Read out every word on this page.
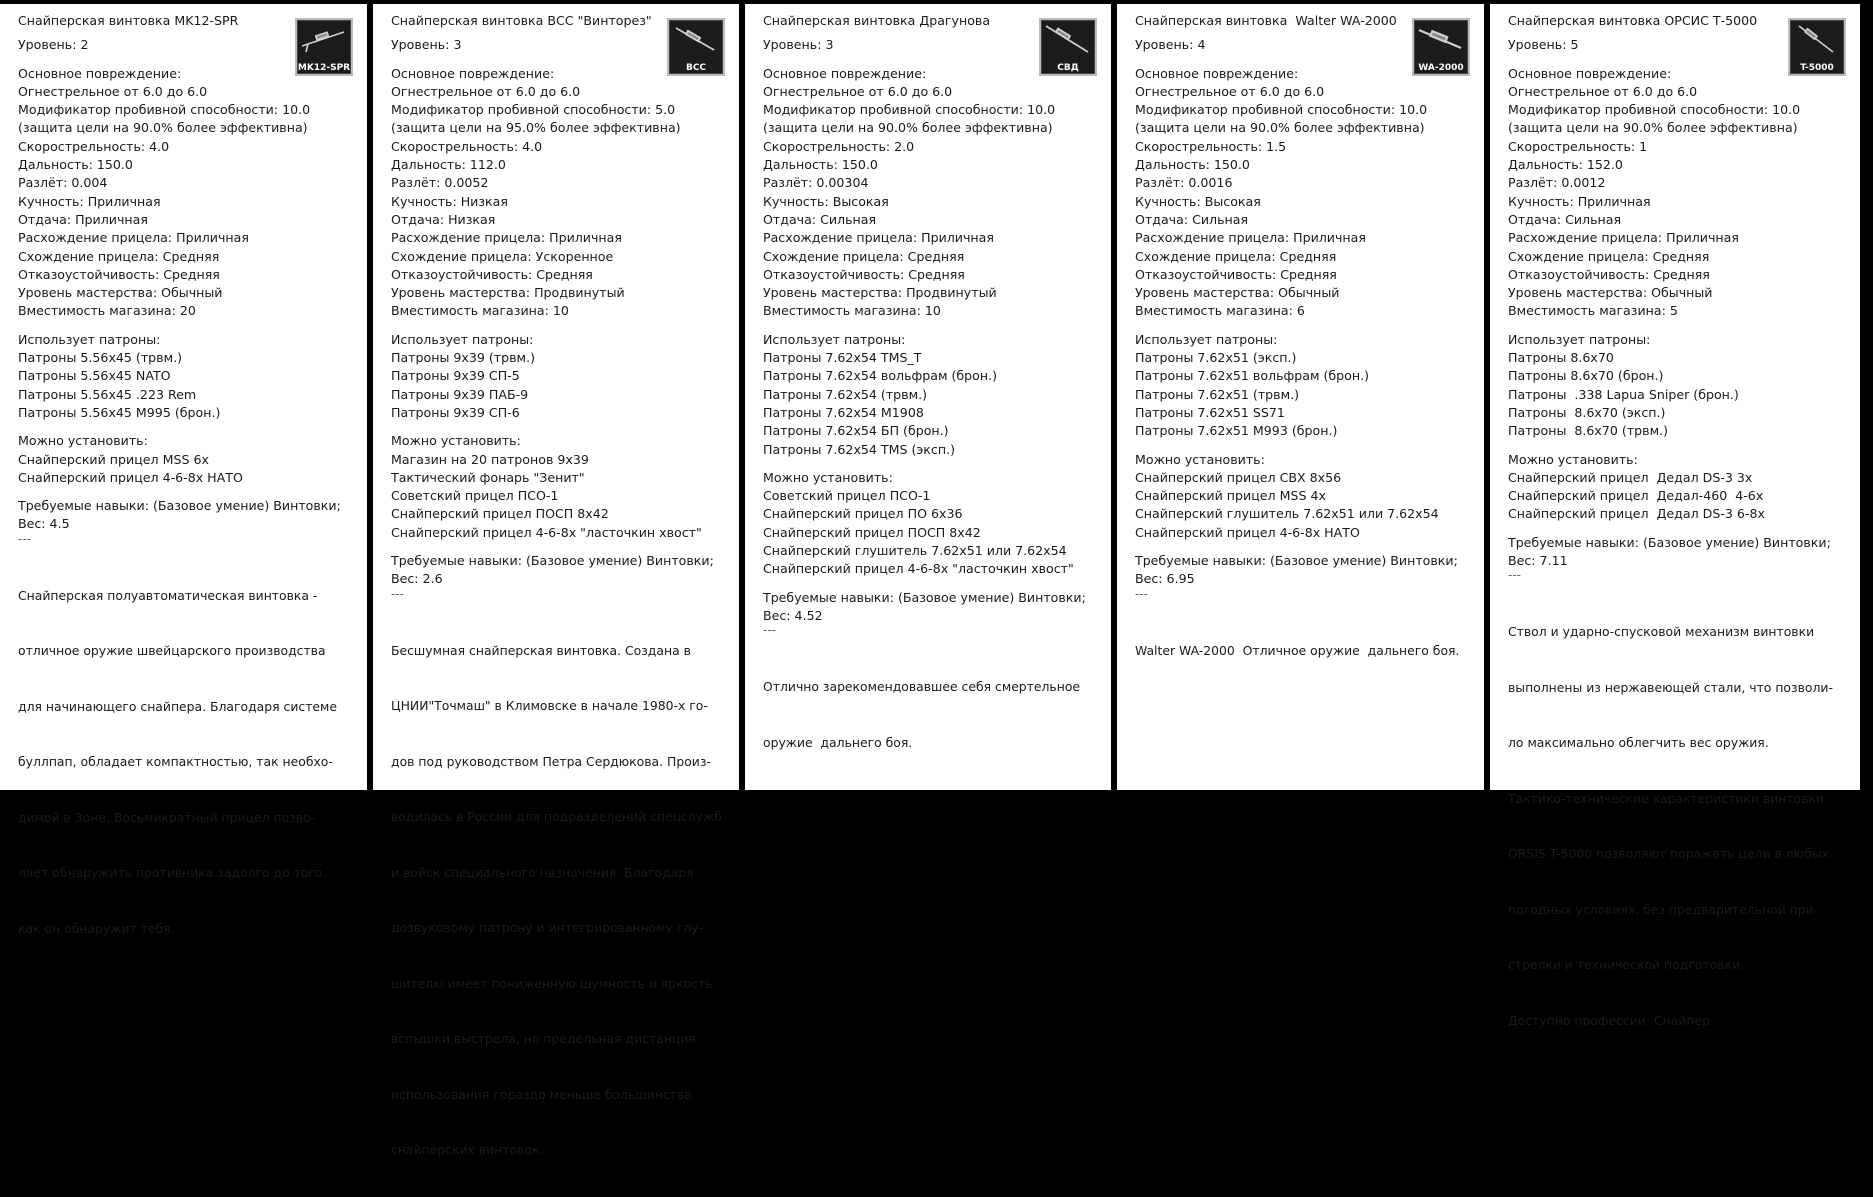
MK12-SPR
Снайперская винтовка MK12-SPR
Уровень: 2
Основное повреждение:
Огнестрельное от 6.0 до 6.0
Модификатор пробивной способности: 10.0
(защита цели на 90.0% более эффективна)
Скорострельность: 4.0
Дальность: 150.0
Разлёт: 0.004
Кучность: Приличная
Отдача: Приличная
Расхождение прицела: Приличная
Схождение прицела: Средняя
Отказоустойчивость: Средняя
Уровень мастерства: Обычный
Вместимость магазина: 20
Использует патроны:
Патроны 5.56x45 (трвм.)
Патроны 5.56x45 NATO
Патроны 5.56x45 .223 Rem
Патроны 5.56x45 M995 (брон.)
Можно установить:
Снайперский прицел MSS 6x
Снайперский прицел 4-6-8x НАТО
Требуемые навыки: (Базовое умение) Винтовки;
Вес: 4.5
---

Снайперская полуавтоматическая винтовка -

отличное оружие швейцарского производства

для начинающего снайпера. Благодаря системе

буллпап, обладает компактностью, так необхо-

димой в Зоне. Восьмикратный прицел позво-

ляет обнаружить противника задолго до того,

как он обнаружит тебя.

ВСС
Снайперская винтовка ВСС "Винторез"
Уровень: 3
Основное повреждение:
Огнестрельное от 6.0 до 6.0
Модификатор пробивной способности: 5.0
(защита цели на 95.0% более эффективна)
Скорострельность: 4.0
Дальность: 112.0
Разлёт: 0.0052
Кучность: Низкая
Отдача: Низкая
Расхождение прицела: Приличная
Схождение прицела: Ускоренное
Отказоустойчивость: Средняя
Уровень мастерства: Продвинутый
Вместимость магазина: 10
Использует патроны:
Патроны 9x39 (трвм.)
Патроны 9x39 СП-5
Патроны 9x39 ПАБ-9
Патроны 9x39 СП-6
Можно установить:
Магазин на 20 патронов 9x39
Тактический фонарь "Зенит"
Советский прицел ПСО-1
Снайперский прицел ПОСП 8x42
Снайперский прицел 4-6-8x "ласточкин хвост"
Требуемые навыки: (Базовое умение) Винтовки;
Вес: 2.6
---

Бесшумная снайперская винтовка. Создана в

ЦНИИ"Точмаш" в Климовске в начале 1980-х го-

дов под руководством Петра Сердюкова. Произ-

водилась в России для подразделений спецслужб

и войск специального назначения. Благодаря

дозвуковому патрону и интегрированному глу-

шителю имеет пониженную шумность и яркость

вспышки выстрела, но предельная дистанция

использования гораздо меньше большинства

снайперских винтовок.

СВД
Снайперская винтовка Драгунова
Уровень: 3
Основное повреждение:
Огнестрельное от 6.0 до 6.0
Модификатор пробивной способности: 10.0
(защита цели на 90.0% более эффективна)
Скорострельность: 2.0
Дальность: 150.0
Разлёт: 0.00304
Кучность: Высокая
Отдача: Сильная
Расхождение прицела: Приличная
Схождение прицела: Средняя
Отказоустойчивость: Средняя
Уровень мастерства: Продвинутый
Вместимость магазина: 10
Использует патроны:
Патроны 7.62x54 TMS_T
Патроны 7.62x54 вольфрам (брон.)
Патроны 7.62x54 (трвм.)
Патроны 7.62x54 M1908
Патроны 7.62x54 БП (брон.)
Патроны 7.62x54 TMS (эксп.)
Можно установить:
Советский прицел ПСО-1
Снайперский прицел ПО 6x36
Снайперский прицел ПОСП 8x42
Снайперский глушитель 7.62x51 или 7.62x54
Снайперский прицел 4-6-8x "ласточкин хвост"
Требуемые навыки: (Базовое умение) Винтовки;
Вес: 4.52
---

Отлично зарекомендовавшее себя смертельное

оружие  дальнего боя.

WA-2000
Снайперская винтовка  Walter WA-2000
Уровень: 4
Основное повреждение:
Огнестрельное от 6.0 до 6.0
Модификатор пробивной способности: 10.0
(защита цели на 90.0% более эффективна)
Скорострельность: 1.5
Дальность: 150.0
Разлёт: 0.0016
Кучность: Высокая
Отдача: Сильная
Расхождение прицела: Приличная
Схождение прицела: Средняя
Отказоустойчивость: Средняя
Уровень мастерства: Обычный
Вместимость магазина: 6
Использует патроны:
Патроны 7.62x51 (эксп.)
Патроны 7.62x51 вольфрам (брон.)
Патроны 7.62x51 (трвм.)
Патроны 7.62x51 SS71
Патроны 7.62x51 M993 (брон.)
Можно установить:
Снайперский прицел CBX 8x56
Снайперский прицел MSS 4x
Снайперский глушитель 7.62x51 или 7.62x54
Снайперский прицел 4-6-8x НАТО
Требуемые навыки: (Базовое умение) Винтовки;
Вес: 6.95
---

Walter WA-2000  Отличное оружие  дальнего боя.

T-5000
Снайперская винтовка ОРСИС Т-5000
Уровень: 5
Основное повреждение:
Огнестрельное от 6.0 до 6.0
Модификатор пробивной способности: 10.0
(защита цели на 90.0% более эффективна)
Скорострельность: 1
Дальность: 152.0
Разлёт: 0.0012
Кучность: Приличная
Отдача: Сильная
Расхождение прицела: Приличная
Схождение прицела: Средняя
Отказоустойчивость: Средняя
Уровень мастерства: Обычный
Вместимость магазина: 5
Использует патроны:
Патроны 8.6x70
Патроны 8.6x70 (брон.)
Патроны  .338 Lapua Sniper (брон.)
Патроны  8.6x70 (эксп.)
Патроны  8.6x70 (трвм.)
Можно установить:
Снайперский прицел  Дедал DS-3 3x
Снайперский прицел  Дедал-460  4-6x
Снайперский прицел  Дедал DS-3 6-8x
Требуемые навыки: (Базовое умение) Винтовки;
Вес: 7.11
---

Ствол и ударно-спусковой механизм винтовки

выполнены из нержавеющей стали, что позволи-

ло максимально облегчить вес оружия.

Тактико-технические характеристики винтовки

ORSIS T-5000 позволяют поражать цели в любых

погодных условиях, без предварительной при-

стрелки и технической подготовки.

Доступно профессии: Снайпер.
